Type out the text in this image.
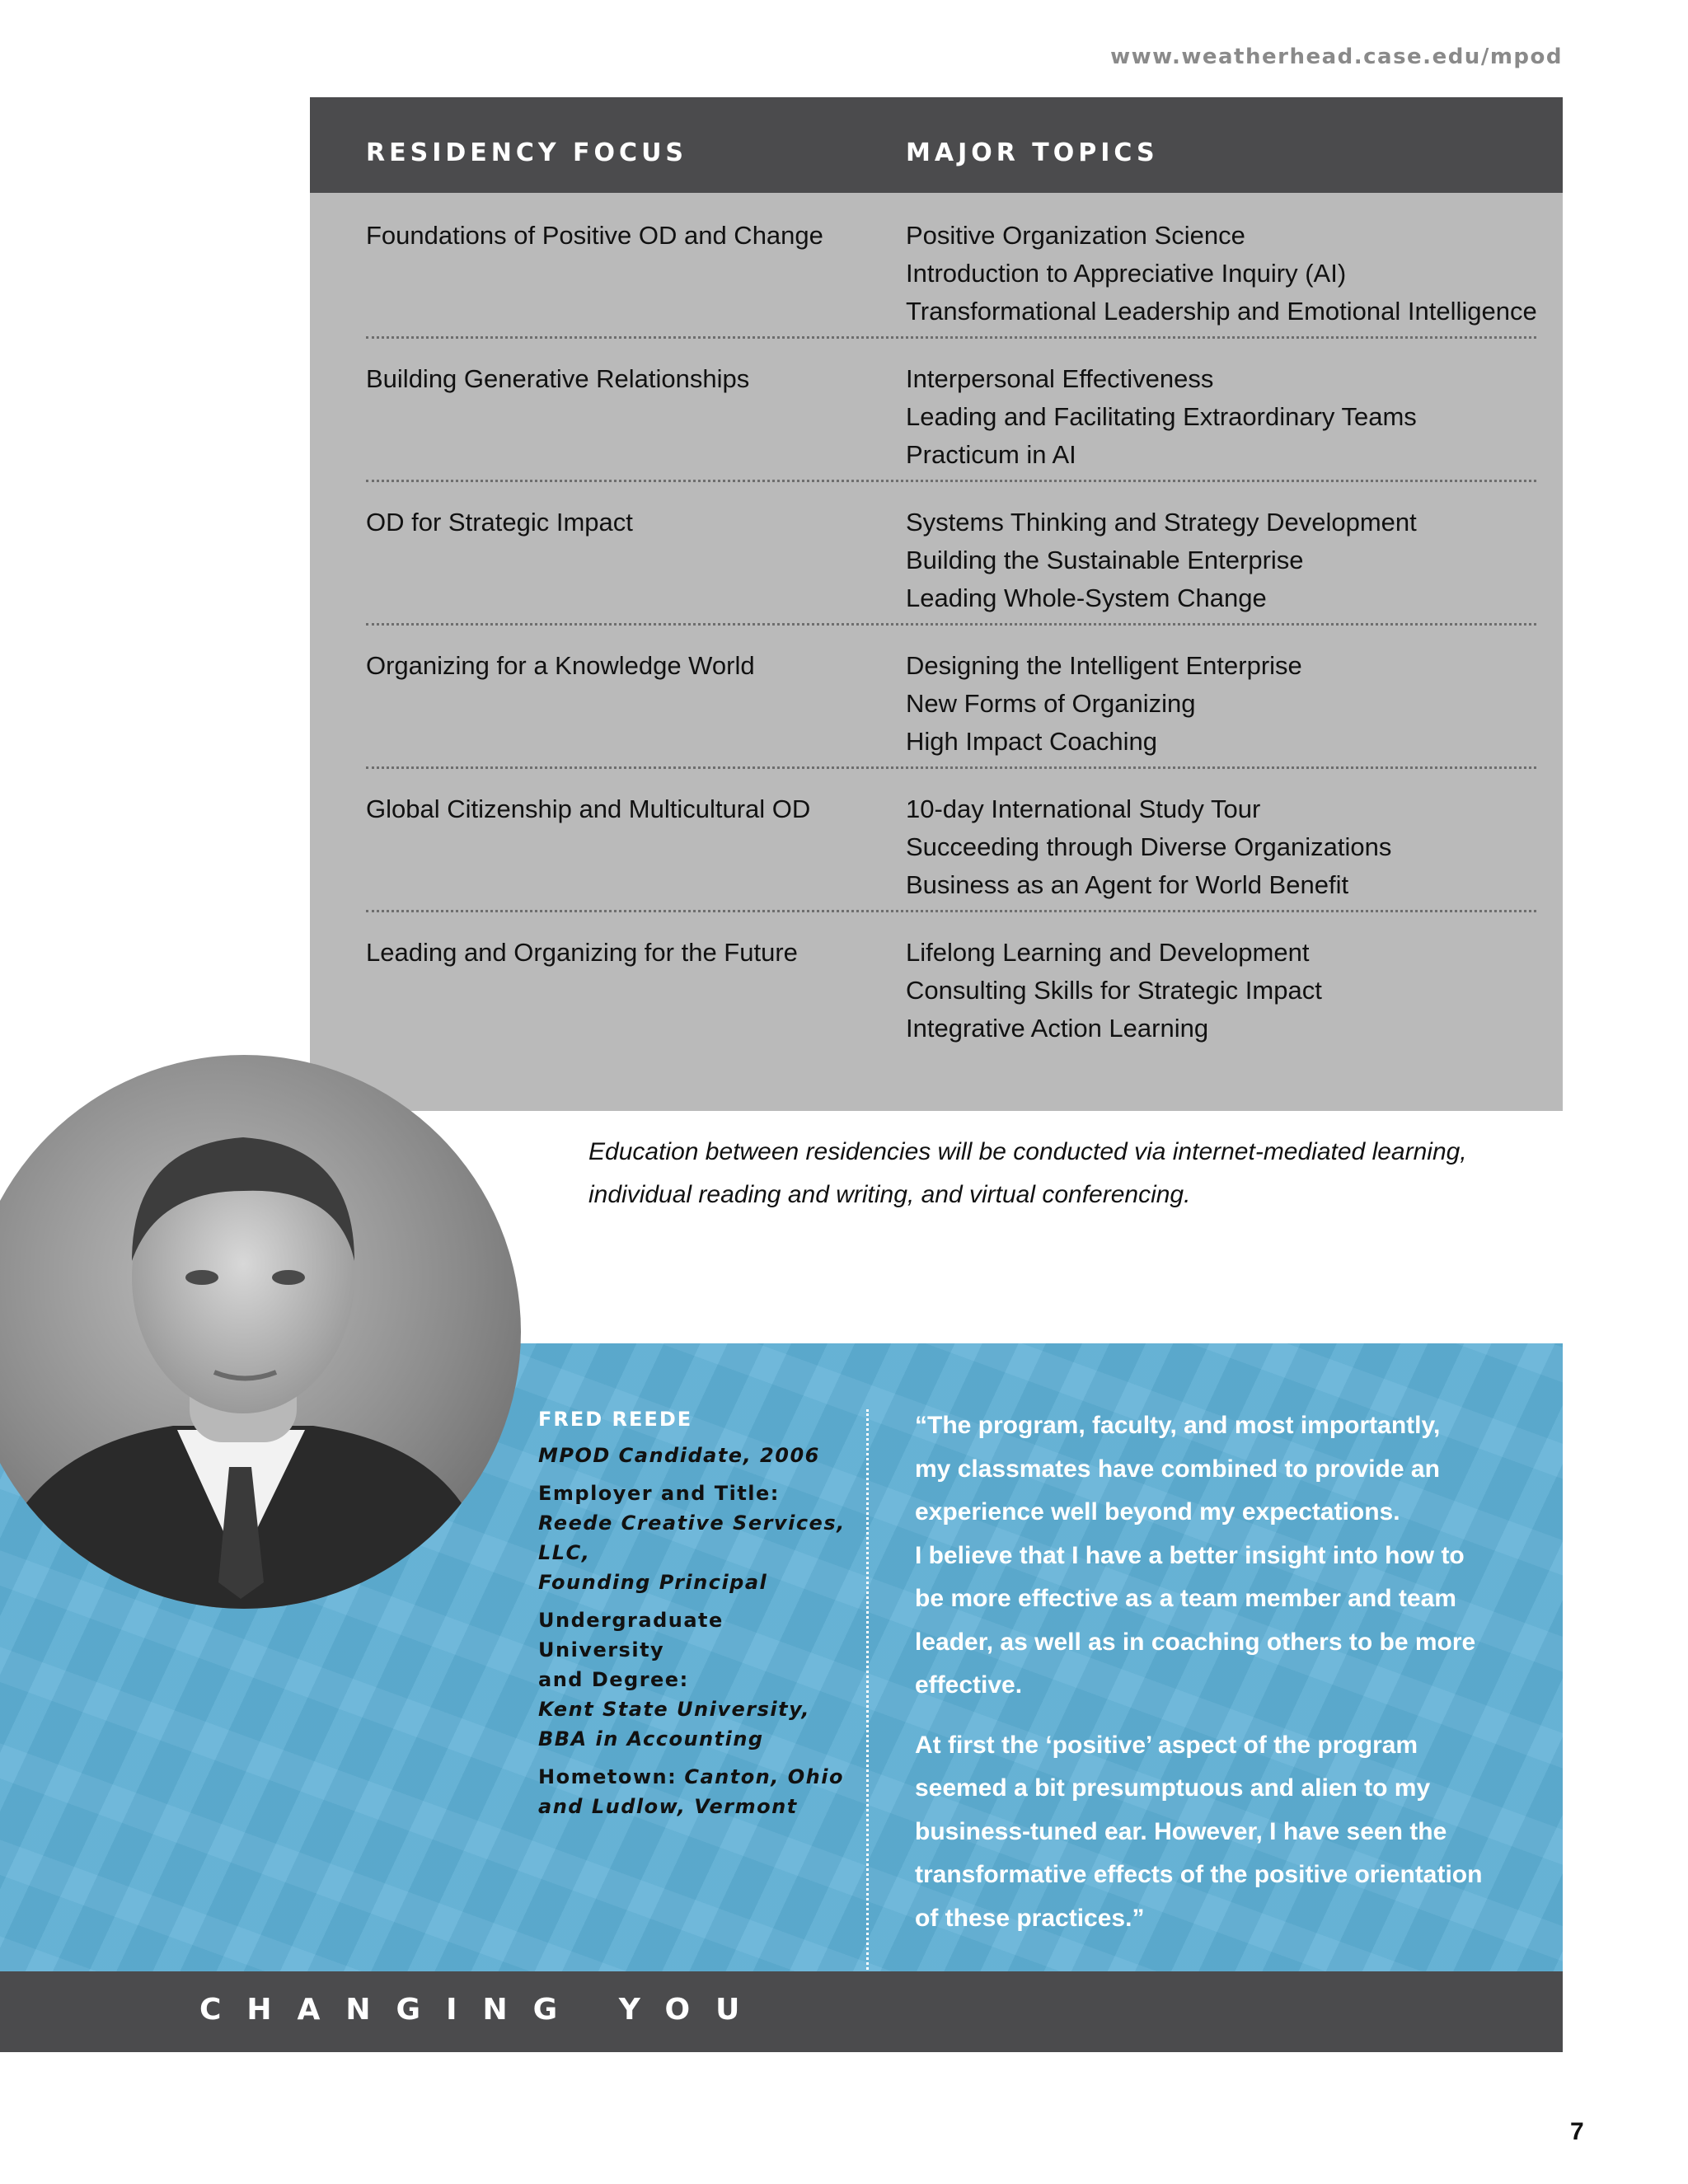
www.weatherhead.case.edu/mpod
RESIDENCY FOCUS	MAJOR TOPICS
Foundations of Positive OD and Change	Positive Organization Science
Introduction to Appreciative Inquiry (AI)
Transformational Leadership and Emotional Intelligence
Building Generative Relationships	Interpersonal Effectiveness
Leading and Facilitating Extraordinary Teams
Practicum in AI
OD for Strategic Impact	Systems Thinking and Strategy Development
Building the Sustainable Enterprise
Leading Whole-System Change
Organizing for a Knowledge World	Designing the Intelligent Enterprise
New Forms of Organizing
High Impact Coaching
Global Citizenship and Multicultural OD	10-day International Study Tour
Succeeding through Diverse Organizations
Business as an Agent for World Benefit
Leading and Organizing for the Future	Lifelong Learning and Development
Consulting Skills for Strategic Impact
Integrative Action Learning
Education between residencies will be conducted via internet-mediated learning, individual reading and writing, and virtual conferencing.
FRED REEDE
MPOD Candidate, 2006
Employer and Title:
Reede Creative Services, LLC,
Founding Principal
Undergraduate University
and Degree:
Kent State University,
BBA in Accounting
Hometown: Canton, Ohio
and Ludlow, Vermont

“The program, faculty, and most importantly,
my classmates have combined to provide an
experience well beyond my expectations.
I believe that I have a better insight into how to
be more effective as a team member and team
leader, as well as in coaching others to be more
effective.

At first the ‘positive’ aspect of the program
seemed a bit presumptuous and alien to my
business-tuned ear. However, I have seen the
transformative effects of the positive orientation
of these practices.”

CHANGING YOU
7
